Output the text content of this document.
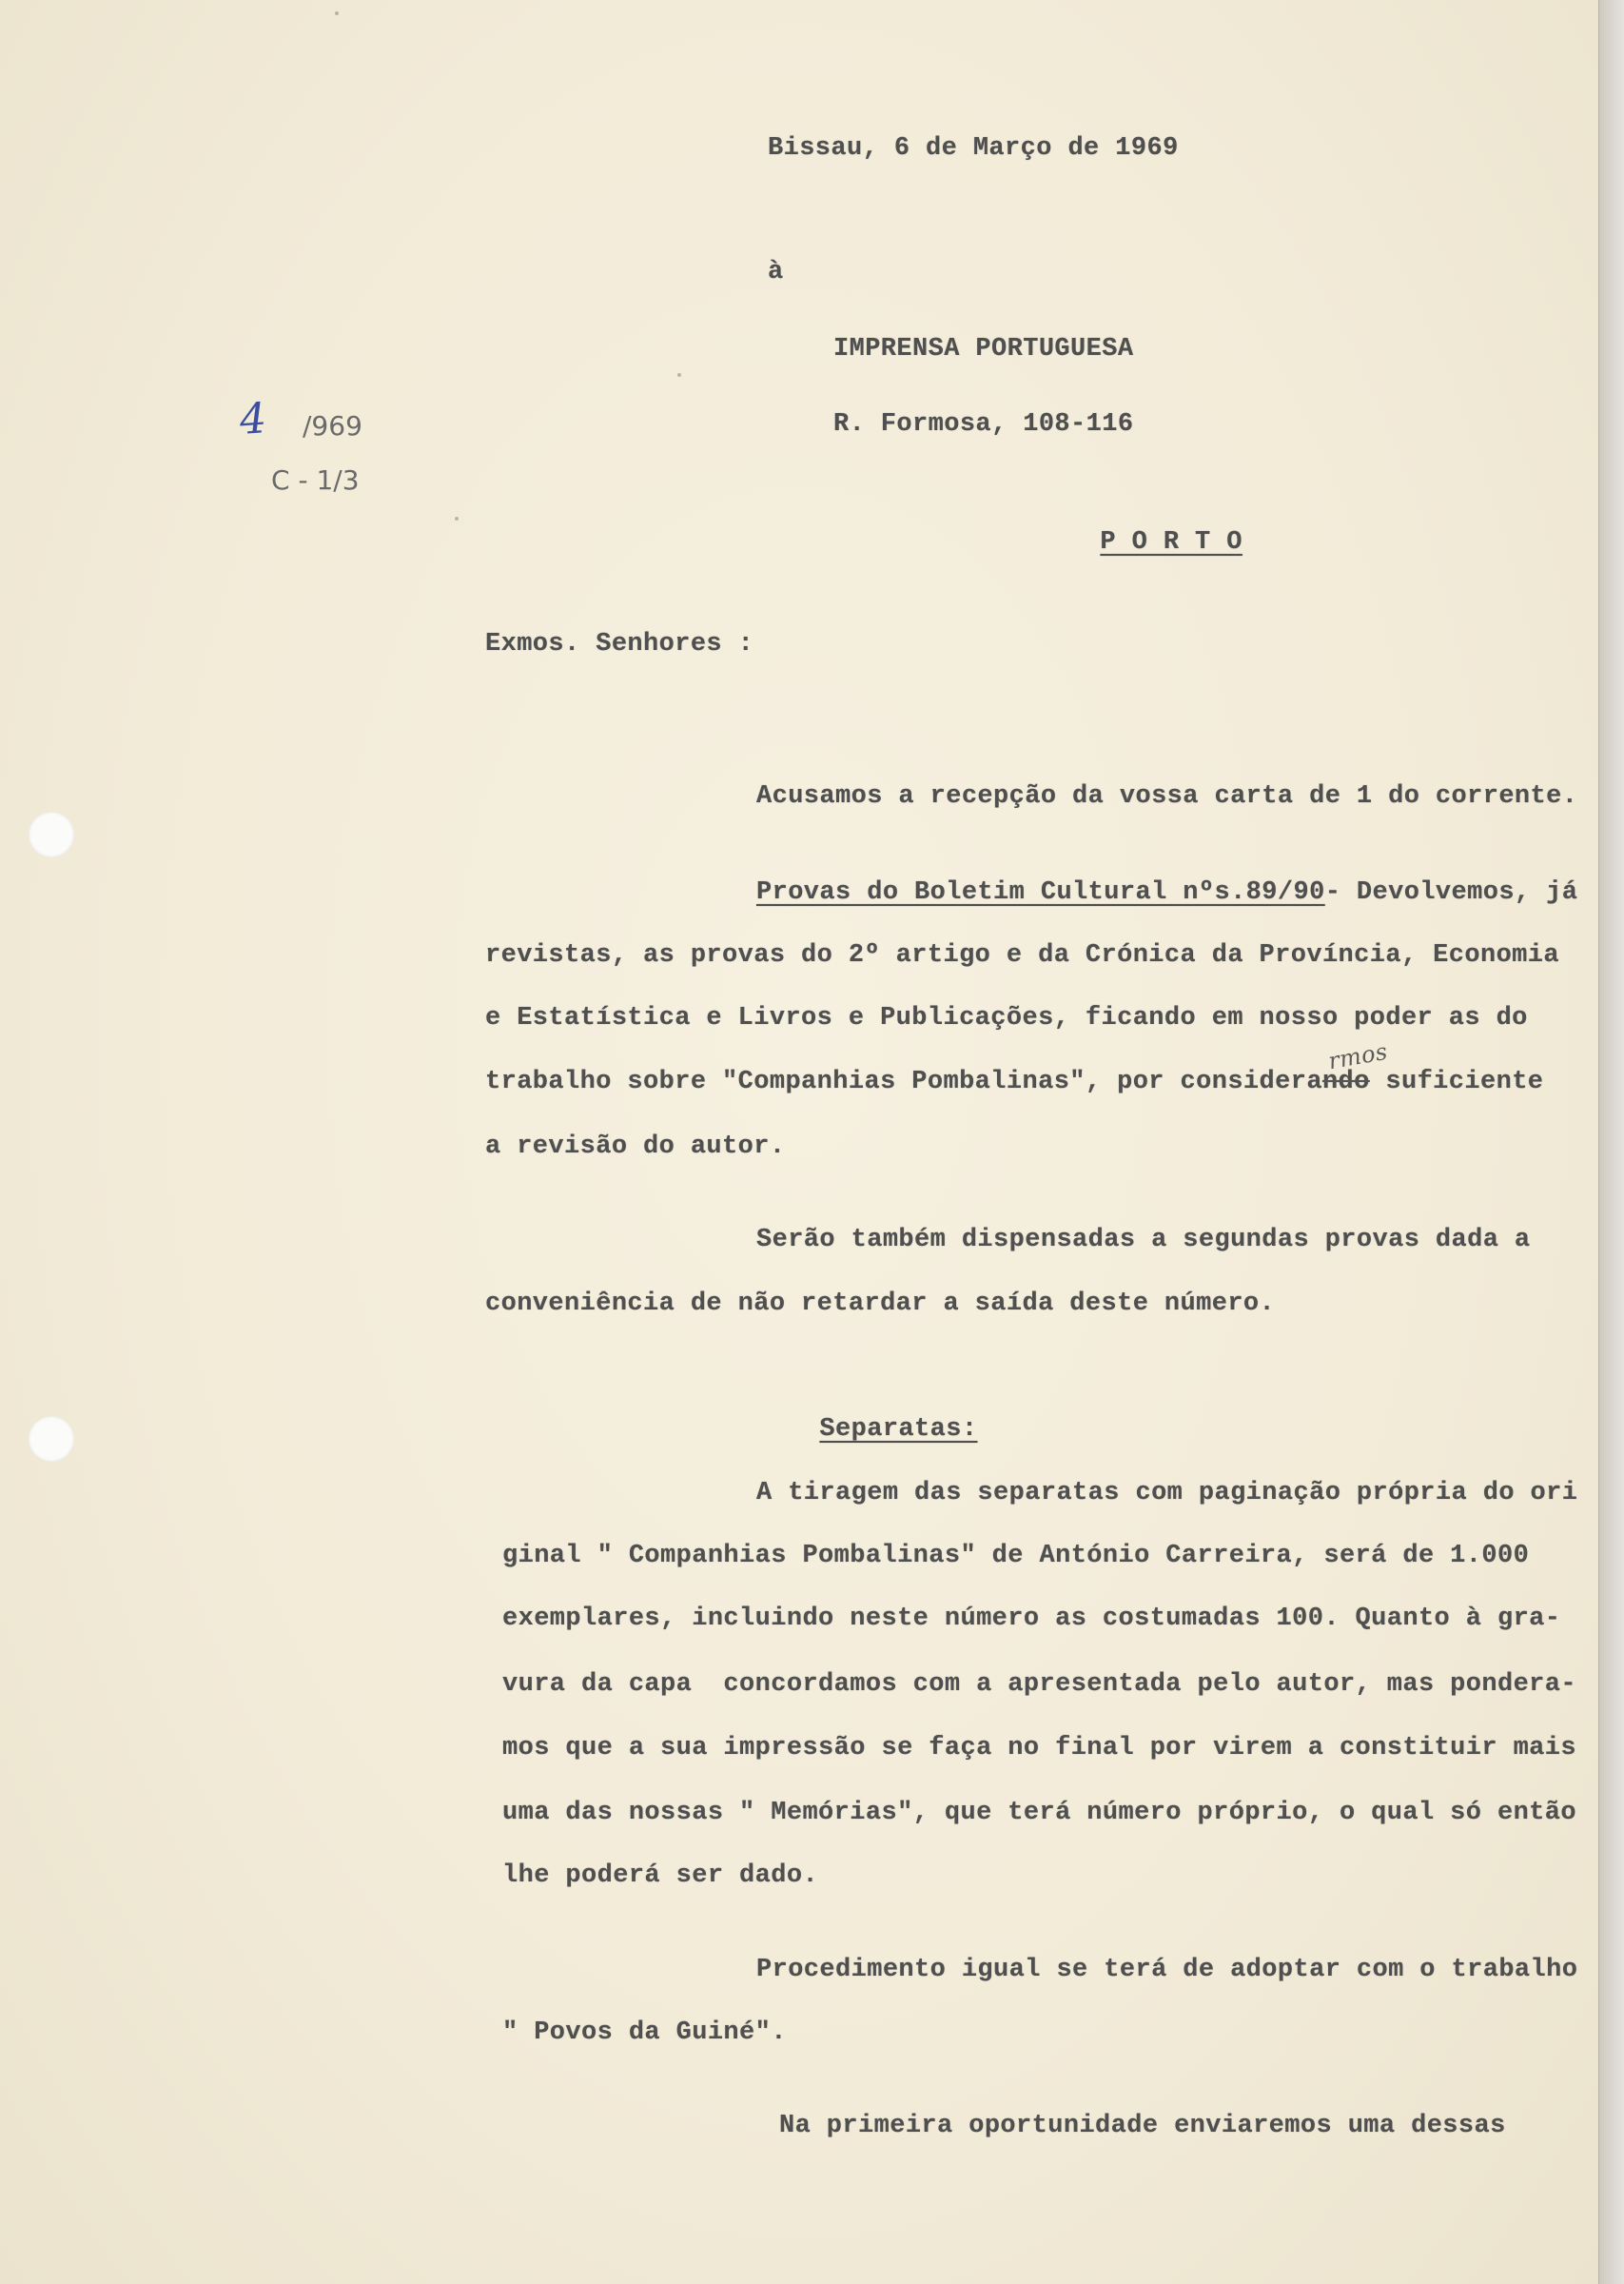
Bissau, 6 de Março de 1969
à
IMPRENSA PORTUGUESA
R. Formosa, 108-116

P O R T O

4 /969
C - 1/3
Exmos. Senhores :
Acusamos a recepção da vossa carta de 1 do corrente.
Provas do Boletim Cultural nºs.89/90- Devolvemos, já
revistas, as provas do 2º artigo e da Crónica da Província, Economia
e Estatística e Livros e Publicações, ficando em nosso poder as do
trabalho sobre "Companhias Pombalinas", por considerando
rmos
suficiente
a revisão do autor.
Serão também dispensadas a segundas provas dada a
conveniência de não retardar a saída deste número.

Separatas:

A tiragem das separatas com paginação própria do ori
ginal " Companhias Pombalinas" de António Carreira, será de 1.000
exemplares, incluindo neste número as costumadas 100. Quanto à gra-
vura da capa  concordamos com a apresentada pelo autor, mas pondera-
mos que a sua impressão se faça no final por virem a constituir mais
uma das nossas " Memórias", que terá número próprio, o qual só então
lhe poderá ser dado.
Procedimento igual se terá de adoptar com o trabalho
" Povos da Guiné".
Na primeira oportunidade enviaremos uma dessas
